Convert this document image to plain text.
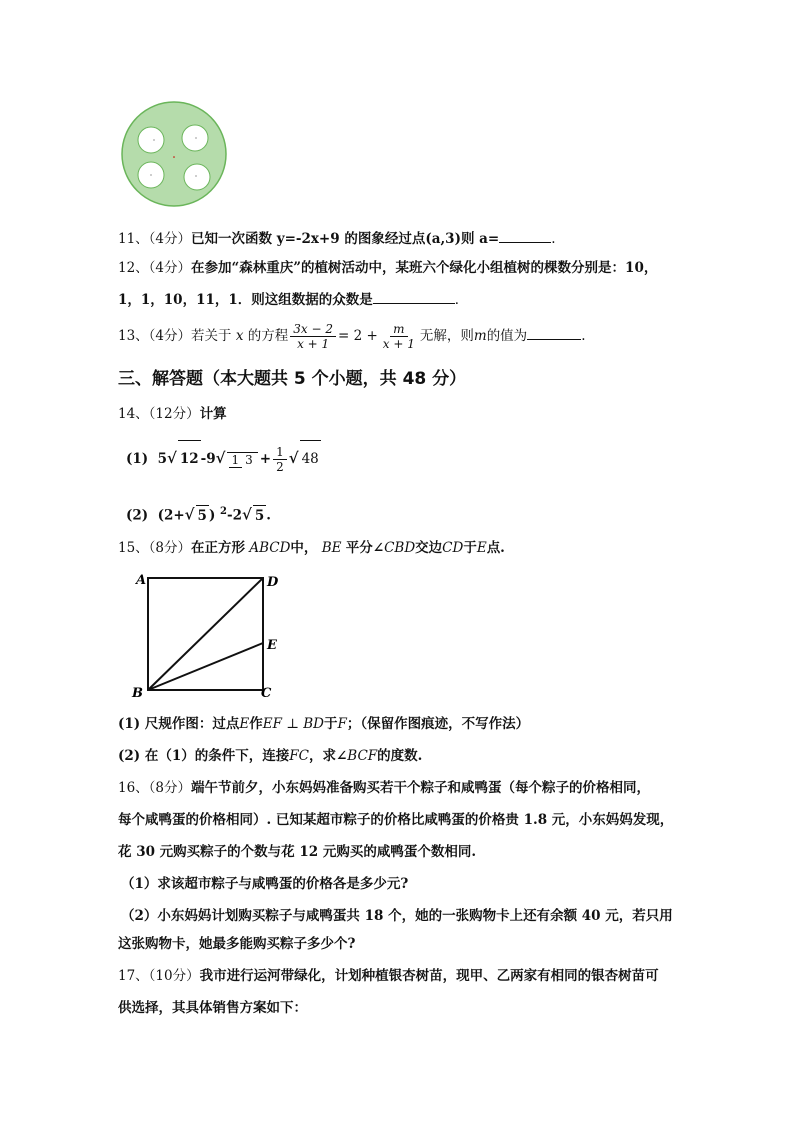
11、（4分）已知一次函数 y=-2x+9 的图象经过点(a,3)则 a=	.
12、（4分）在参加“森林重庆”的植树活动中，某班六个绿化小组植树的棵数分别是：10，
1，1，10，11，1．则这组数据的众数是	．
13、（4分）若关于 x 的方程 $\frac{3x - 2}{x + 1} = 2 + \frac{m}{x + 1}$ 无解，则m的值为	.
三、解答题（本大题共 5 个小题，共 48 分）
14、（12分）计算
(1) 5√ 12 -9√ 1 $3 + \frac{1}{2}$ √ 48
(2) (2+√ 5 ) $^2$-2√ 5 .
15、（8分）在正方形 ABCD中， BE 平分∠CBD交边CD于E点.
A	D
E
B	C
(1) 尺规作图：过点E作EF ⊥ BD于F；（保留作图痕迹，不写作法）
(2) 在（1）的条件下，连接FC，求∠BCF的度数.
16、（8分）端午节前夕，小东妈妈准备购买若干个粽子和咸鸭蛋（每个粽子的价格相同，
每个咸鸭蛋的价格相同）. 已知某超市粽子的价格比咸鸭蛋的价格贵 1.8 元，小东妈妈发现，
花 30 元购买粽子的个数与花 12 元购买的咸鸭蛋个数相同.
（1）求该超市粽子与咸鸭蛋的价格各是多少元?
（2）小东妈妈计划购买粽子与咸鸭蛋共 18 个，她的一张购物卡上还有余额 40 元，若只用
这张购物卡，她最多能购买粽子多少个?
17、（10分）我市进行运河带绿化，计划种植银杏树苗，现甲、乙两家有相同的银杏树苗可
供选择，其具体销售方案如下：
